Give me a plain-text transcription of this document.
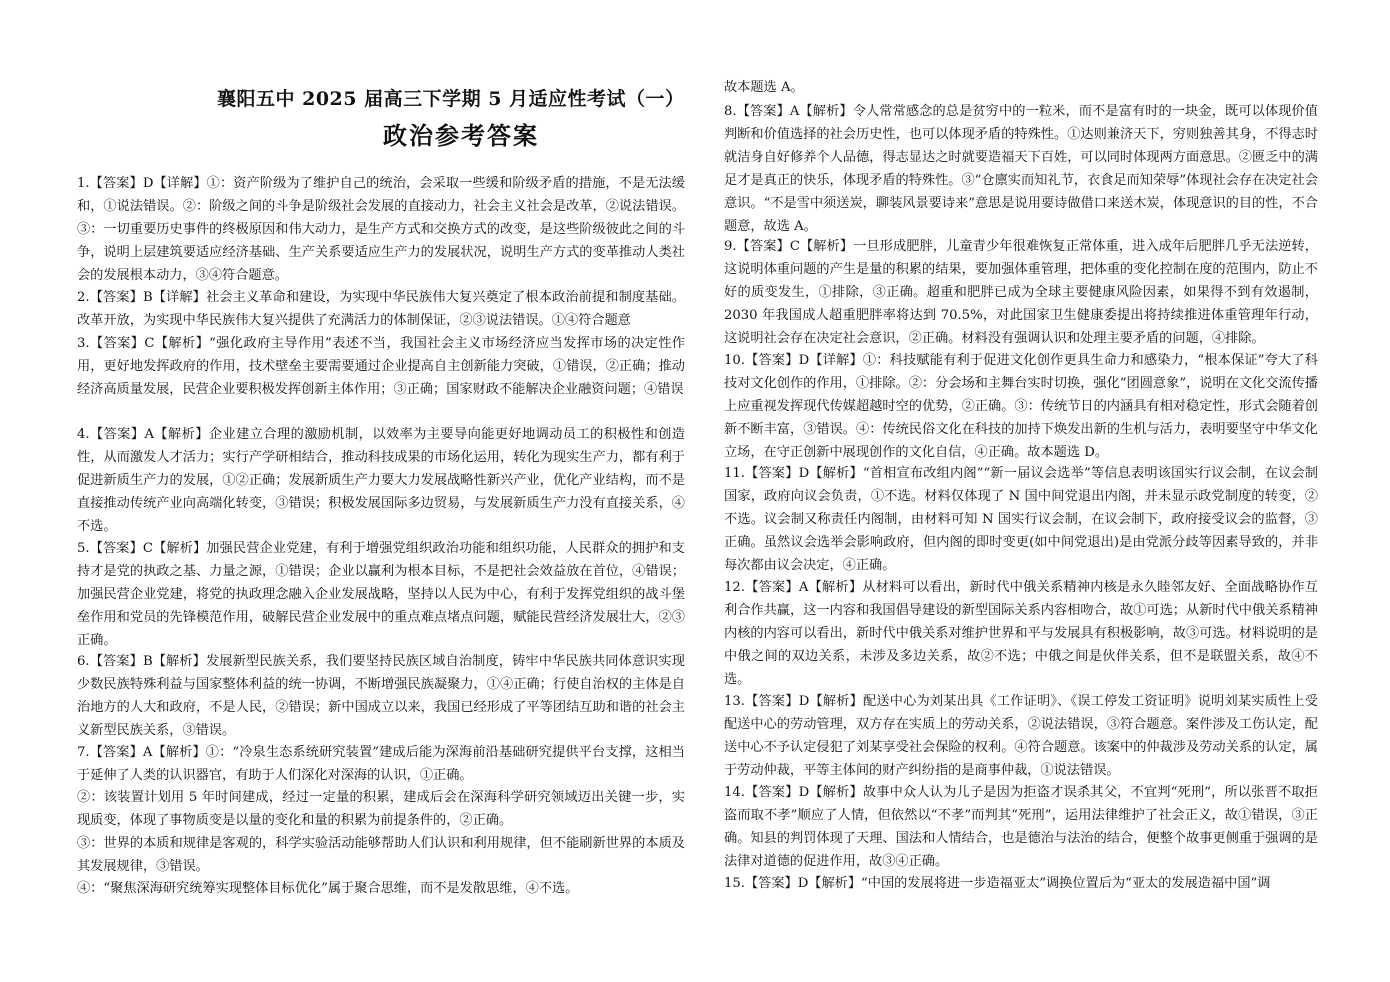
襄阳五中 2025 届高三下学期 5 月适应性考试（一）
政治参考答案

1.【答案】D【详解】①：资产阶级为了维护自己的统治，会采取一些缓和阶级矛盾的措施，不是无法缓和，①说法错误。②：阶级之间的斗争是阶级社会发展的直接动力，社会主义社会是改革，②说法错误。③：一切重要历史事件的终极原因和伟大动力，是生产方式和交换方式的改变，是这些阶级彼此之间的斗争，说明上层建筑要适应经济基础、生产关系要适应生产力的发展状况，说明生产方式的变革推动人类社会的发展根本动力，③④符合题意。

2.【答案】B【详解】社会主义革命和建设，为实现中华民族伟大复兴奠定了根本政治前提和制度基础。改革开放，为实现中华民族伟大复兴提供了充满活力的体制保证，②③说法错误。①④符合题意

3.【答案】C【解析】“强化政府主导作用”表述不当，我国社会主义市场经济应当发挥市场的决定性作用，更好地发挥政府的作用，技术壁垒主要需要通过企业提高自主创新能力突破，①错误，②正确；推动经济高质量发展，民营企业要积极发挥创新主体作用；③正确；国家财政不能解决企业融资问题；④错误

4.【答案】A【解析】企业建立合理的激励机制，以效率为主要导向能更好地调动员工的积极性和创造性，从而激发人才活力；实行产学研相结合，推动科技成果的市场化运用，转化为现实生产力，都有利于促进新质生产力的发展，①②正确；发展新质生产力要大力发展战略性新兴产业，优化产业结构，而不是直接推动传统产业向高端化转变，③错误；积极发展国际多边贸易，与发展新质生产力没有直接关系，④不选。

5.【答案】C【解析】加强民营企业党建，有利于增强党组织政治功能和组织功能，人民群众的拥护和支持才是党的执政之基、力量之源，①错误；企业以赢利为根本目标，不是把社会效益放在首位，④错误；加强民营企业党建，将党的执政理念融入企业发展战略，坚持以人民为中心，有利于发挥党组织的战斗堡垒作用和党员的先锋模范作用，破解民营企业发展中的重点难点堵点问题，赋能民营经济发展壮大，②③正确。

6.【答案】B【解析】发展新型民族关系，我们要坚持民族区域自治制度，铸牢中华民族共同体意识实现少数民族特殊利益与国家整体利益的统一协调，不断增强民族凝聚力，①④正确；行使自治权的主体是自治地方的人大和政府，不是人民，②错误；新中国成立以来，我国已经形成了平等团结互助和谐的社会主义新型民族关系，③错误。

7.【答案】A【解析】①：“冷泉生态系统研究装置”建成后能为深海前沿基础研究提供平台支撑，这相当于延伸了人类的认识器官，有助于人们深化对深海的认识，①正确。

②：该装置计划用 5 年时间建成，经过一定量的积累，建成后会在深海科学研究领域迈出关键一步，实现质变，体现了事物质变是以量的变化和量的积累为前提条件的，②正确。

③：世界的本质和规律是客观的，科学实验活动能够帮助人们认识和利用规律，但不能刷新世界的本质及其发展规律，③错误。

④：“聚焦深海研究统筹实现整体目标优化”属于聚合思维，而不是发散思维，④不选。

故本题选 A。

8.【答案】A【解析】令人常常感念的总是贫穷中的一粒米，而不是富有时的一块金，既可以体现价值判断和价值选择的社会历史性，也可以体现矛盾的特殊性。①达则兼济天下，穷则独善其身，不得志时就洁身自好修养个人品德，得志显达之时就要造福天下百姓，可以同时体现两方面意思。②匮乏中的满足才是真正的快乐，体现矛盾的特殊性。③“仓廪实而知礼节，衣食足而知荣辱”体现社会存在决定社会意识。“不是雪中须送炭，聊装风景要诗来”意思是说用要诗做借口来送木炭，体现意识的目的性，不合题意，故选 A。

9.【答案】C【解析】一旦形成肥胖，儿童青少年很难恢复正常体重，进入成年后肥胖几乎无法逆转，这说明体重问题的产生是量的积累的结果，要加强体重管理，把体重的变化控制在度的范围内，防止不好的质变发生，①排除，③正确。超重和肥胖已成为全球主要健康风险因素，如果得不到有效遏制，2030 年我国成人超重肥胖率将达到 70.5%，对此国家卫生健康委提出将持续推进体重管理年行动，这说明社会存在决定社会意识，②正确。材料没有强调认识和处理主要矛盾的问题，④排除。

10.【答案】D【详解】①：科技赋能有利于促进文化创作更具生命力和感染力，“根本保证”夸大了科技对文化创作的作用，①排除。②：分会场和主舞台实时切换，强化“团圆意象”，说明在文化交流传播上应重视发挥现代传媒超越时空的优势，②正确。③：传统节日的内涵具有相对稳定性，形式会随着创新不断丰富，③错误。④：传统民俗文化在科技的加持下焕发出新的生机与活力，表明要坚守中华文化立场，在守正创新中展现创作的文化自信，④正确。故本题选 D。

11.【答案】D【解析】“首相宣布改组内阁”“新一届议会选举”等信息表明该国实行议会制，在议会制国家，政府向议会负责，①不选。材料仅体现了 N 国中间党退出内阁，并未显示政党制度的转变，②不选。议会制又称责任内阁制，由材料可知 N 国实行议会制，在议会制下，政府接受议会的监督，③正确。虽然议会选举会影响政府，但内阁的即时变更(如中间党退出)是由党派分歧等因素导致的，并非每次都由议会决定，④正确。

12.【答案】A【解析】从材料可以看出，新时代中俄关系精神内核是永久睦邻友好、全面战略协作互利合作共赢，这一内容和我国倡导建设的新型国际关系内容相吻合，故①可选；从新时代中俄关系精神内核的内容可以看出，新时代中俄关系对维护世界和平与发展具有积极影响，故③可选。材料说明的是中俄之间的双边关系，未涉及多边关系，故②不选；中俄之间是伙伴关系，但不是联盟关系，故④不选。

13.【答案】D【解析】配送中心为刘某出具《工作证明》、《误工停发工资证明》说明刘某实质性上受配送中心的劳动管理，双方存在实质上的劳动关系，②说法错误，③符合题意。案件涉及工伤认定，配送中心不予认定侵犯了刘某享受社会保险的权利。④符合题意。该案中的仲裁涉及劳动关系的认定，属于劳动仲裁，平等主体间的财产纠纷指的是商事仲裁，①说法错误。

14.【答案】D【解析】故事中众人认为儿子是因为拒盗才误杀其父，不宜判“死刑”，所以张晋不取拒盗而取不孝”顺应了人情，但依然以“不孝”而判其“死刑”，运用法律维护了社会正义，故①错误，③正确。知县的判罚体现了天理、国法和人情结合，也是德治与法治的结合，便整个故事更侧重于强调的是法律对道德的促进作用，故③④正确。

15.【答案】D【解析】“中国的发展将进一步造福亚太”调换位置后为“亚太的发展造福中国”调
